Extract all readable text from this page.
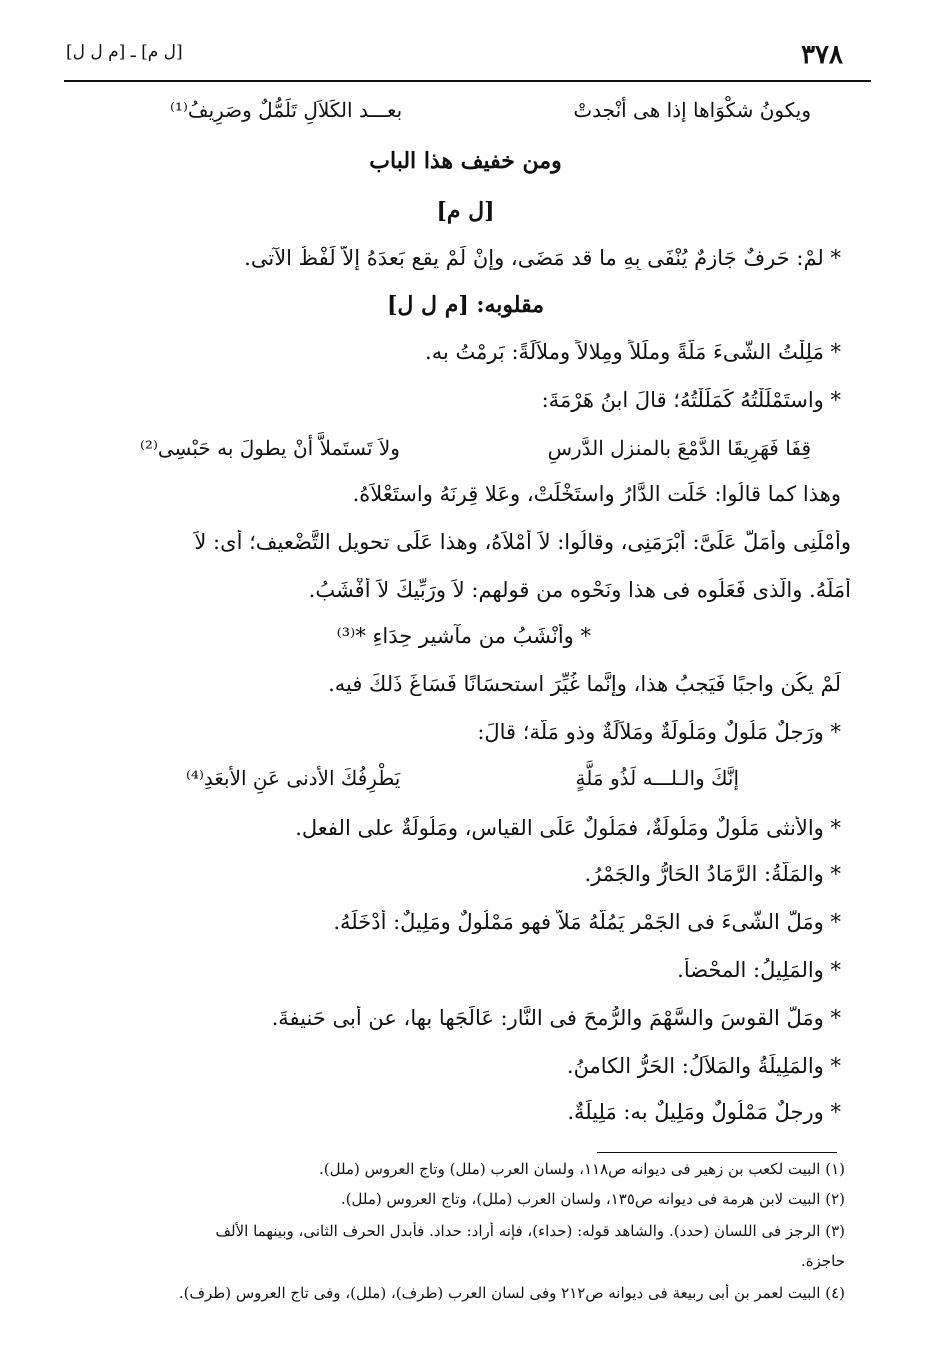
٣٧٨
[ل م] ـ [م ل ل]
ويكونُ شكْوَاها إذا هى أنْجدتْ
بعـــد الكَلاَلِ تَلَمُّلٌ وصَرِيفُ⁽¹⁾
ومن خفيف هذا الباب
[ل م]
* لمْ: حَرفٌ جَازمٌ يُنْفَى بِهِ ما قد مَضَى، وإنْ لَمْ يقع بَعدَهُ إلاَّ لَفْظُ الآتى.
مقلوبه: [م ل ل]
* مَلِلْتُ الشَّىءَ مَلَّةً وملَلاً ومِلالاً وملاَلَةً: بَرِمْتُ به.
* واستَمْلَلْتُهُ كَمَلَلْتُهُ؛ قالَ ابنُ هَرْمَةَ:
قِفَا فَهَرِيقَا الدَّمْعَ بالمنزل الدَّرسِ
ولاَ تَستَملاَّ أنْ يطولَ به حَبْسِى⁽²⁾
وهذا كما قالُوا: خَلَت الدَّارُ واستَخْلَتْ، وعَلا قِرنَهُ واستَعْلاَهُ.
وأمْلَنِى وأمَلَّ عَلَىَّ: أبْرَمَنِى، وقالُوا: لاَ أمْلاَهُ، وهذا عَلَى تحويل التَّضْعيف؛ أى: لاَ
أمَلُّهُ. والّذى فَعَلُوه فى هذا ونَحْوه من قولهم: لاَ ورَبِّيكَ لاَ أفْشَبُ.
* وأنْشَبُ من مآشير حِدَاءِ *⁽³⁾
لَمْ يكُن واجبًا فَيَجبُ هذا، وإنَّما غُيِّرَ استحسَانًا فَسَاغَ ذَلكَ فيه.
* ورَجلٌ مَلُولٌ ومَلُولَةٌ ومَلاَلَةٌ وذو مَلَّة؛ قالَ:
إنَّكَ والـلـــه لَذُو مَلَّةٍ
يَطْرِفُكَ الأدنى عَنِ الأبعَدِ⁽⁴⁾
* والأنثى مَلُولٌ ومَلُولَةٌ، فمَلُولٌ عَلَى القياسِ، ومَلُولَةٌ على الفعلِ.
* والمَلَّةُ: الرَّمَادُ الحَارُّ والجَمْرُ.
* ومَلَّ الشَّىءَ فى الجَمْرِ يَمُلُّهُ مَلاًّ فهو مَمْلُولٌ ومَلِيلٌ: أدْخَلَهُ.
* والمَلِيلُ: المحْضأُ.
* ومَلَّ القوسَ والسَّهْمَ والرُّمحَ فى النَّارِ: عَالَجَها بها، عن أبى حَنيفةَ.
* والمَلِيلَةُ والمَلاَلُ: الحَرُّ الكامنُ.
* ورجلٌ مَمْلُولٌ ومَلِيلٌ به: مَلِيلَةٌ.
(١) البيت لكعب بن زهير فى ديوانه ص١١٨، ولسان العرب (ملل) وتاج العروس (ملل).
(٢) البيت لابن هرمة فى ديوانه ص١٣٥، ولسان العرب (ملل)، وتاج العروس (ملل).
(٣) الرجز فى اللسان (حدد). والشاهد قوله: (حداء)، فإنه أراد: حداد. فأبدل الحرف الثانى، وبينهما الألف
حاجزة.
(٤) البيت لعمر بن أبى ربيعة فى ديوانه ص٢١٢ وفى لسان العرب (طرف)، (ملل)، وفى تاج العروس (طرف).
